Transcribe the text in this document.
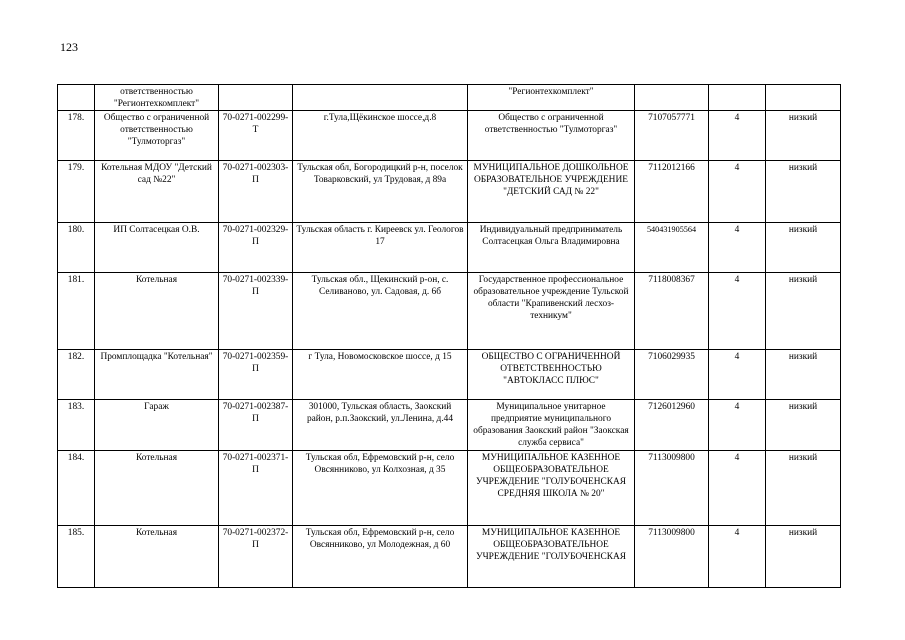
123
	ответственностью "Регионтехкомплект"			"Регионтехкомплект"			
178.	Общество с ограниченной ответственностью "Тулмоторгаз"	70-0271-002299-Т	г.Тула,Щёкинское шоссе,д.8	Общество с ограниченной ответственностью "Тулмоторгаз"	7107057771	4	низкий
179.	Котельная МДОУ "Детский сад №22"	70-0271-002303-П	Тульская обл, Богородицкий р-н, поселок Товарковский, ул Трудовая, д 89а	МУНИЦИПАЛЬНОЕ ДОШКОЛЬНОЕ ОБРАЗОВАТЕЛЬНОЕ УЧРЕЖДЕНИЕ "ДЕТСКИЙ САД № 22"	7112012166	4	низкий
180.	ИП Солтасецкая О.В.	70-0271-002329-П	Тульская область г. Киреевск ул. Геологов 17	Индивидуальный предприниматель Солтасецкая Ольга Владимировна	540431905564	4	низкий
181.	Котельная	70-0271-002339-П	Тульская обл., Щекинский р-он, с. Селиваново, ул. Садовая, д. 6б	Государственное профессиональное образовательное учреждение Тульской области "Крапивенский лесхоз-техникум"	7118008367	4	низкий
182.	Промплощадка "Котельная"	70-0271-002359-П	г Тула, Новомосковское шоссе, д 15	ОБЩЕСТВО С ОГРАНИЧЕННОЙ ОТВЕТСТВЕННОСТЬЮ "АВТОКЛАСС ПЛЮС"	7106029935	4	низкий
183.	Гараж	70-0271-002387-П	301000, Тульская область, Заокский район, р.п.Заокский, ул.Ленина, д.44	Муниципальное унитарное предприятие муниципального образования Заокский район "Заокская служба сервиса"	7126012960	4	низкий
184.	Котельная	70-0271-002371-П	Тульская обл, Ефремовский р-н, село Овсянниково, ул Колхозная, д 35	МУНИЦИПАЛЬНОЕ КАЗЕННОЕ ОБЩЕОБРАЗОВАТЕЛЬНОЕ УЧРЕЖДЕНИЕ "ГОЛУБОЧЕНСКАЯ СРЕДНЯЯ ШКОЛА № 20"	7113009800	4	низкий
185.	Котельная	70-0271-002372-П	Тульская обл, Ефремовский р-н, село Овсянниково, ул Молодежная, д 60	МУНИЦИПАЛЬНОЕ КАЗЕННОЕ ОБЩЕОБРАЗОВАТЕЛЬНОЕ УЧРЕЖДЕНИЕ "ГОЛУБОЧЕНСКАЯ	7113009800	4	низкий
